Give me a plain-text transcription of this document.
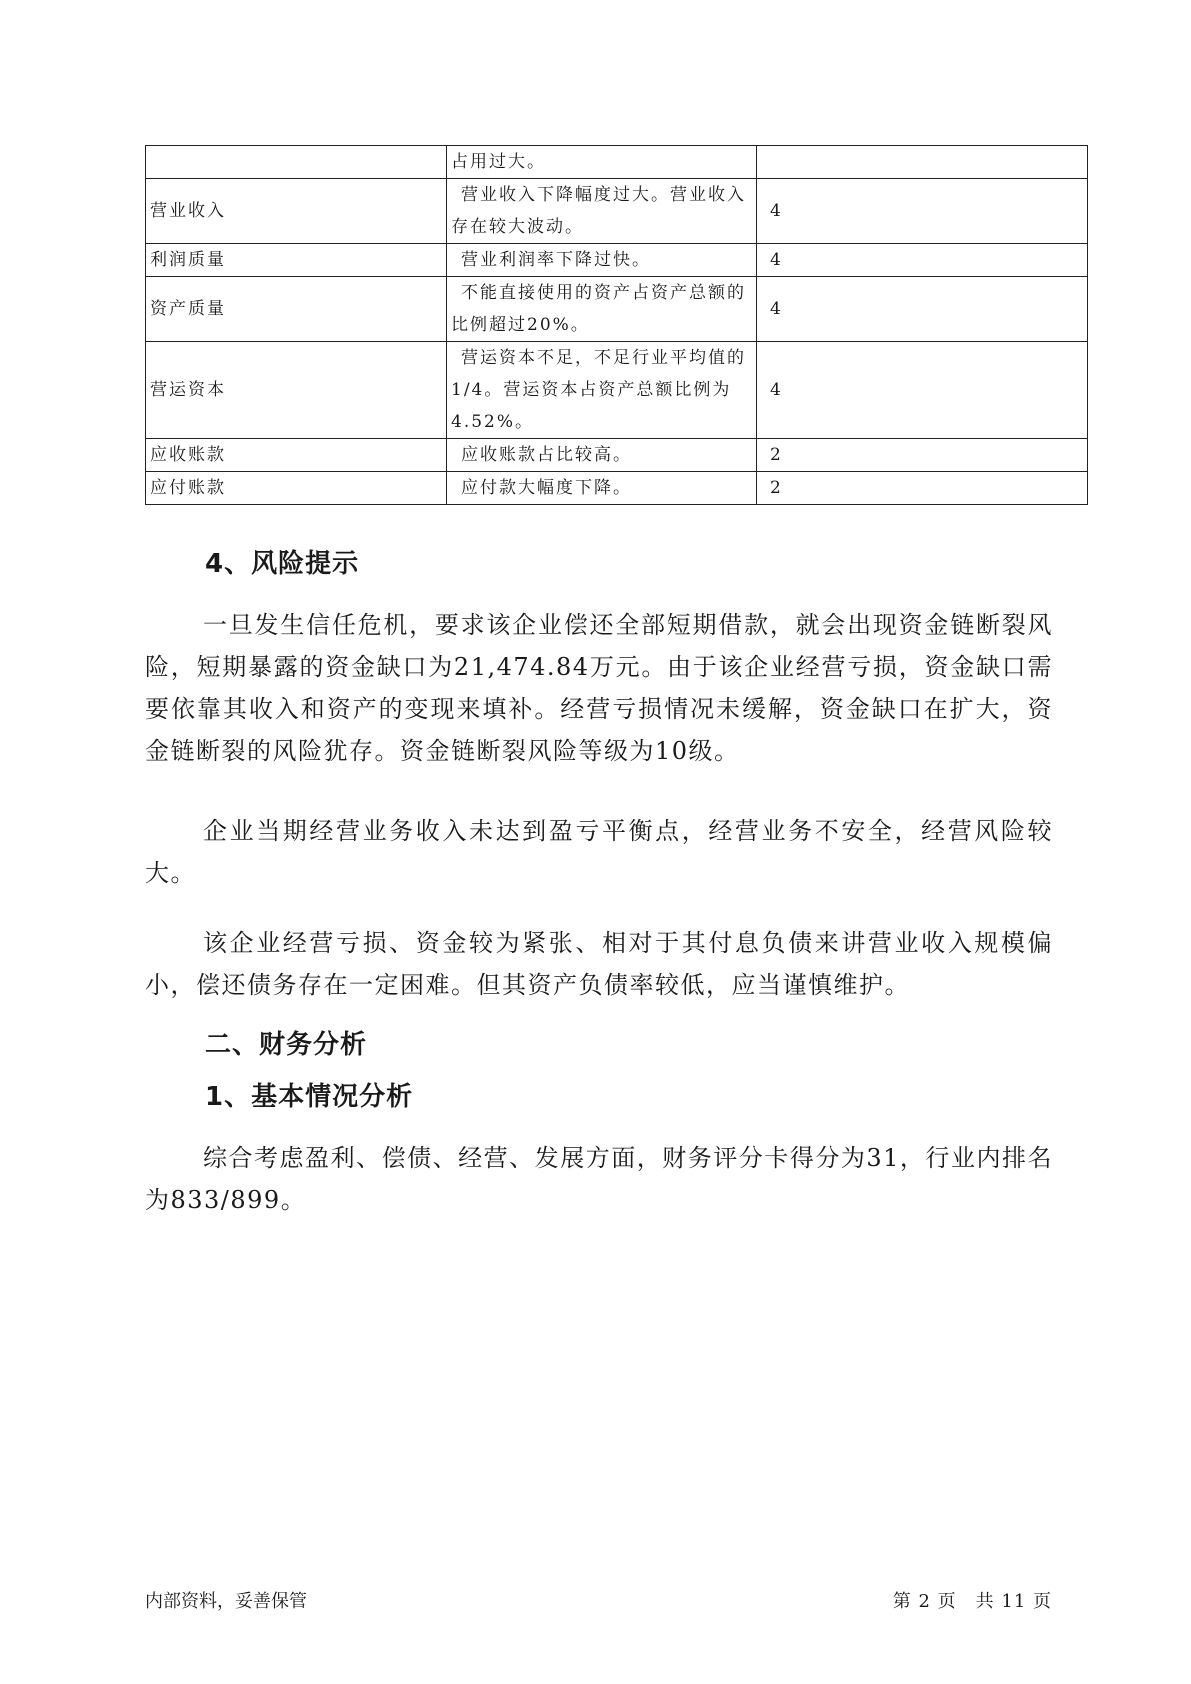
	占用过大。	
营业收入	营业收入下降幅度过大。营业收入存在较大波动。	4
利润质量	营业利润率下降过快。	4
资产质量	不能直接使用的资产占资产总额的比例超过20%。	4
营运资本	营运资本不足，不足行业平均值的1/4。营运资本占资产总额比例为4.52%。	4
应收账款	应收账款占比较高。	2
应付账款	应付款大幅度下降。	2
4、风险提示

一旦发生信任危机，要求该企业偿还全部短期借款，就会出现资金链断裂风险，短期暴露的资金缺口为21,474.84万元。由于该企业经营亏损，资金缺口需要依靠其收入和资产的变现来填补。经营亏损情况未缓解，资金缺口在扩大，资金链断裂的风险犹存。资金链断裂风险等级为10级。

企业当期经营业务收入未达到盈亏平衡点，经营业务不安全，经营风险较大。

该企业经营亏损、资金较为紧张、相对于其付息负债来讲营业收入规模偏小，偿还债务存在一定困难。但其资产负债率较低，应当谨慎维护。

二、财务分析
1、基本情况分析

综合考虑盈利、偿债、经营、发展方面，财务评分卡得分为31，行业内排名为833/899。

内部资料，妥善保管	第 2 页　共 11 页
